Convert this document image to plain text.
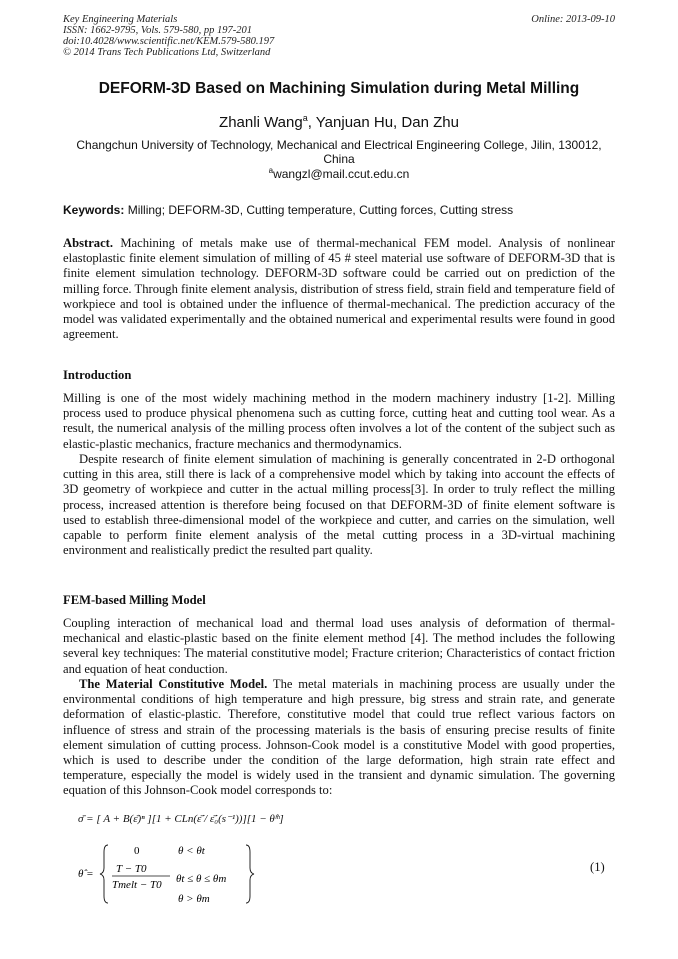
Key Engineering Materials
ISSN: 1662-9795, Vols. 579-580, pp 197-201
doi:10.4028/www.scientific.net/KEM.579-580.197
© 2014 Trans Tech Publications Ltd, Switzerland
Online: 2013-09-10
DEFORM-3D Based on Machining Simulation during Metal Milling
Zhanli Wang$^a$, Yanjuan Hu, Dan Zhu
Changchun University of Technology, Mechanical and Electrical Engineering College, Jilin, 130012, China
$^a$wangzl@mail.ccut.edu.cn
Keywords: Milling; DEFORM-3D, Cutting temperature, Cutting forces, Cutting stress
Abstract. Machining of metals make use of thermal-mechanical FEM model. Analysis of nonlinear elastoplastic finite element simulation of milling of 45 # steel material use software of DEFORM-3D that is finite element simulation technology. DEFORM-3D software could be carried out on prediction of the milling force. Through finite element analysis, distribution of stress field, strain field and temperature field of workpiece and tool is obtained under the influence of thermal-mechanical. The prediction accuracy of the model was validated experimentally and the obtained numerical and experimental results were found in good agreement.
Introduction
Milling is one of the most widely machining method in the modern machinery industry [1-2]. Milling process used to produce physical phenomena such as cutting force, cutting heat and cutting tool wear. As a result, the numerical analysis of the milling process often involves a lot of the content of the subject such as elastic-plastic mechanics, fracture mechanics and thermodynamics.
Despite research of finite element simulation of machining is generally concentrated in 2-D orthogonal cutting in this area, still there is lack of a comprehensive model which by taking into account the effects of 3D geometry of workpiece and cutter in the actual milling process[3]. In order to truly reflect the milling process, increased attention is therefore being focused on that DEFORM-3D of finite element software is used to establish three-dimensional model of the workpiece and cutter, and carries on the simulation, well capable to perform finite element analysis of the metal cutting process in a 3D-virtual machining environment and realistically predict the resulted part quality.
FEM-based Milling Model
Coupling interaction of mechanical load and thermal load uses analysis of deformation of thermal-mechanical and elastic-plastic based on the finite element method [4]. The method includes the following several key techniques: The material constitutive model; Fracture criterion; Characteristics of contact friction and equation of heat conduction.
The Material Constitutive Model. The metal materials in machining process are usually under the environmental conditions of high temperature and high pressure, big stress and strain rate, and generate deformation of elastic-plastic. Therefore, constitutive model that could true reflect various factors on influence of stress and strain of the processing materials is the basis of ensuring precise results of finite element simulation of cutting process. Johnson-Cook model is a constitutive Model with good properties, which is used to describe under the condition of the large deformation, high strain rate effect and temperature, especially the model is widely used in the transient and dynamic simulation. The governing equation of this Johnson-Cook model corresponds to:
σ̄ = [ A + B(ε̄)ⁿ ][1 + CLn(ε̄̇ / ε̄̇₀(s⁻¹))][1 − θ̂ᵐ]
θ̂ =
0	θ < θt
T − T0
Tmelt − T0 θt ≤ θ ≤ θm
θ > θm
(1)
